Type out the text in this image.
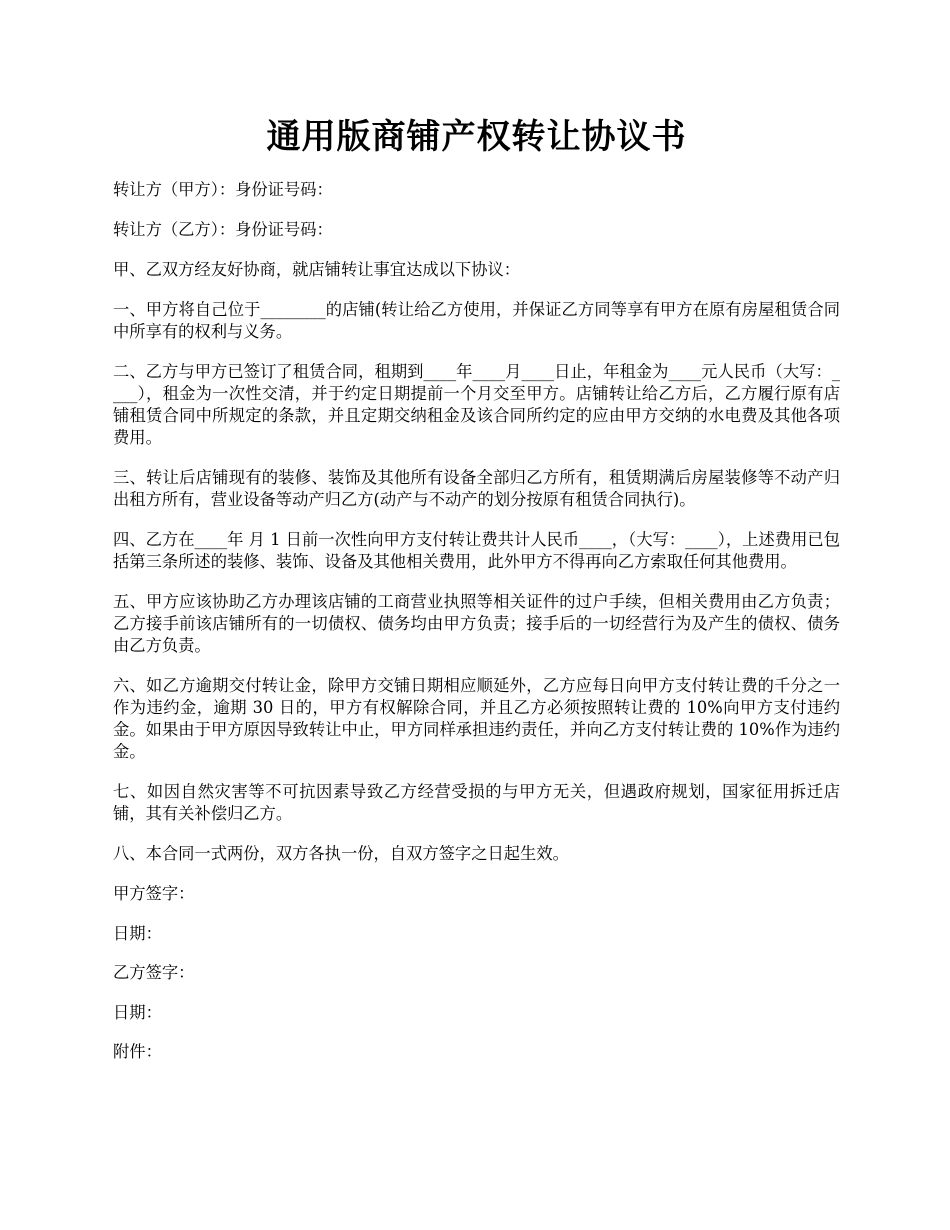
通用版商铺产权转让协议书

转让方（甲方）：身份证号码：

转让方（乙方）：身份证号码：

甲、乙双方经友好协商，就店铺转让事宜达成以下协议：

一、甲方将自己位于________的店铺(转让给乙方使用，并保证乙方同等享有甲方在原有房屋租赁合同中所享有的权利与义务。

二、乙方与甲方已签订了租赁合同，租期到____年____月____日止，年租金为____元人民币（大写：____），租金为一次性交清，并于约定日期提前一个月交至甲方。店铺转让给乙方后，乙方履行原有店铺租赁合同中所规定的条款，并且定期交纳租金及该合同所约定的应由甲方交纳的水电费及其他各项费用。

三、转让后店铺现有的装修、装饰及其他所有设备全部归乙方所有，租赁期满后房屋装修等不动产归出租方所有，营业设备等动产归乙方(动产与不动产的划分按原有租赁合同执行)。

四、乙方在____年 月 1 日前一次性向甲方支付转让费共计人民币____，（大写：____），上述费用已包括第三条所述的装修、装饰、设备及其他相关费用，此外甲方不得再向乙方索取任何其他费用。

五、甲方应该协助乙方办理该店铺的工商营业执照等相关证件的过户手续，但相关费用由乙方负责；乙方接手前该店铺所有的一切债权、债务均由甲方负责；接手后的一切经营行为及产生的债权、债务由乙方负责。

六、如乙方逾期交付转让金，除甲方交铺日期相应顺延外，乙方应每日向甲方支付转让费的千分之一作为违约金，逾期 30 日的，甲方有权解除合同，并且乙方必须按照转让费的 10%向甲方支付违约金。如果由于甲方原因导致转让中止，甲方同样承担违约责任，并向乙方支付转让费的 10%作为违约金。

七、如因自然灾害等不可抗因素导致乙方经营受损的与甲方无关，但遇政府规划，国家征用拆迁店铺，其有关补偿归乙方。

八、本合同一式两份，双方各执一份，自双方签字之日起生效。

甲方签字：

日期：

乙方签字：

日期：

附件：
